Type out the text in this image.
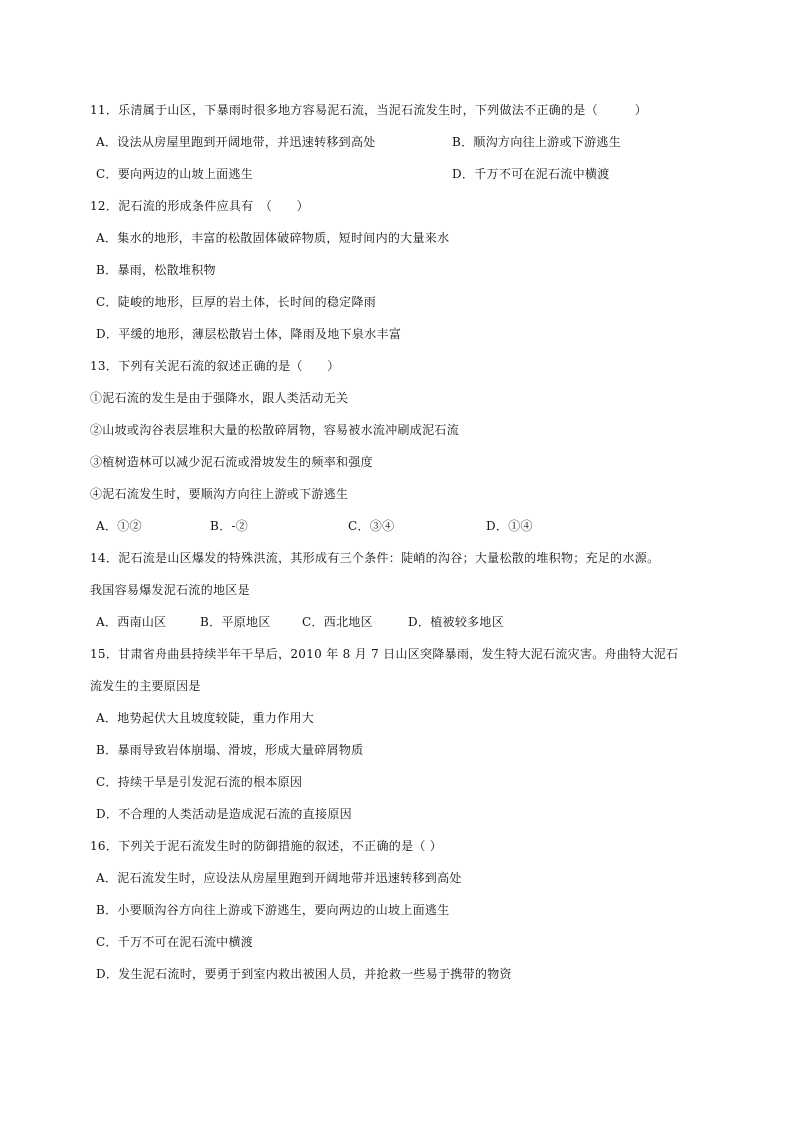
11．乐清属于山区，下暴雨时很多地方容易泥石流，当泥石流发生时，下列做法不正确的是（　　　）
A．设法从房屋里跑到开阔地带，并迅速转移到高处	B．顺沟方向往上游或下游逃生
C．要向两边的山坡上面逃生	D．千万不可在泥石流中横渡
12．泥石流的形成条件应具有　（　　）
A．集水的地形，丰富的松散固体破碎物质，短时间内的大量来水
B．暴雨，松散堆积物
C．陡峻的地形，巨厚的岩土体，长时间的稳定降雨
D．平缓的地形，薄层松散岩土体，降雨及地下泉水丰富
13．下列有关泥石流的叙述正确的是（　　）
①泥石流的发生是由于强降水，跟人类活动无关
②山坡或沟谷表层堆积大量的松散碎屑物，容易被水流冲刷成泥石流
③植树造林可以减少泥石流或滑坡发生的频率和强度
④泥石流发生时，要顺沟方向往上游或下游逃生
A．①②	B．-②	C．③④	D．①④
14．泥石流是山区爆发的特殊洪流，其形成有三个条件：陡峭的沟谷；大量松散的堆积物；充足的水源。
我国容易爆发泥石流的地区是
A．西南山区	B．平原地区	C．西北地区	D．植被较多地区
15．甘肃省舟曲县持续半年干旱后，2010 年 8 月 7 日山区突降暴雨，发生特大泥石流灾害。舟曲特大泥石
流发生的主要原因是
A．地势起伏大且坡度较陡，重力作用大
B．暴雨导致岩体崩塌、滑坡，形成大量碎屑物质
C．持续干旱是引发泥石流的根本原因
D．不合理的人类活动是造成泥石流的直接原因
16．下列关于泥石流发生时的防御措施的叙述，不正确的是（ ）
A．泥石流发生时，应设法从房屋里跑到开阔地带并迅速转移到高处
B．小要顺沟谷方向往上游或下游逃生，要向两边的山坡上面逃生
C．千万不可在泥石流中横渡
D．发生泥石流时，要勇于到室内救出被困人员，并抢救一些易于携带的物资
